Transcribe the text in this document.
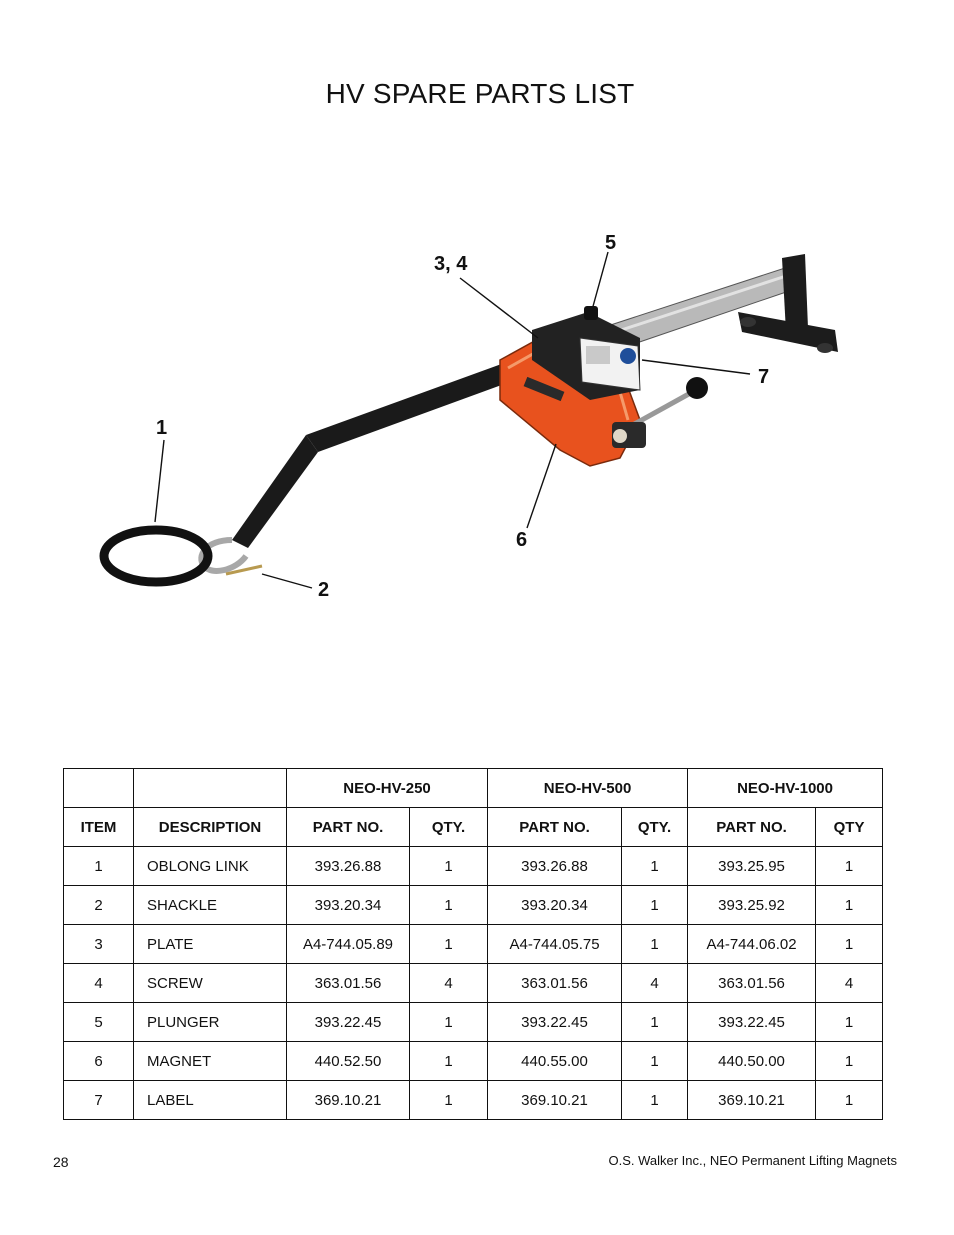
HV SPARE PARTS LIST
1
2
3, 4
5
6
7
		NEO-HV-250		NEO-HV-500		NEO-HV-1000	
ITEM	DESCRIPTION	PART NO.	QTY.	PART NO.	QTY.	PART NO.	QTY
1	OBLONG LINK	393.26.88	1	393.26.88	1	393.25.95	1
2	SHACKLE	393.20.34	1	393.20.34	1	393.25.92	1
3	PLATE	A4-744.05.89	1	A4-744.05.75	1	A4-744.06.02	1
4	SCREW	363.01.56	4	363.01.56	4	363.01.56	4
5	PLUNGER	393.22.45	1	393.22.45	1	393.22.45	1
6	MAGNET	440.52.50	1	440.55.00	1	440.50.00	1
7	LABEL	369.10.21	1	369.10.21	1	369.10.21	1
28	O.S. Walker Inc., NEO Permanent Lifting Magnets
